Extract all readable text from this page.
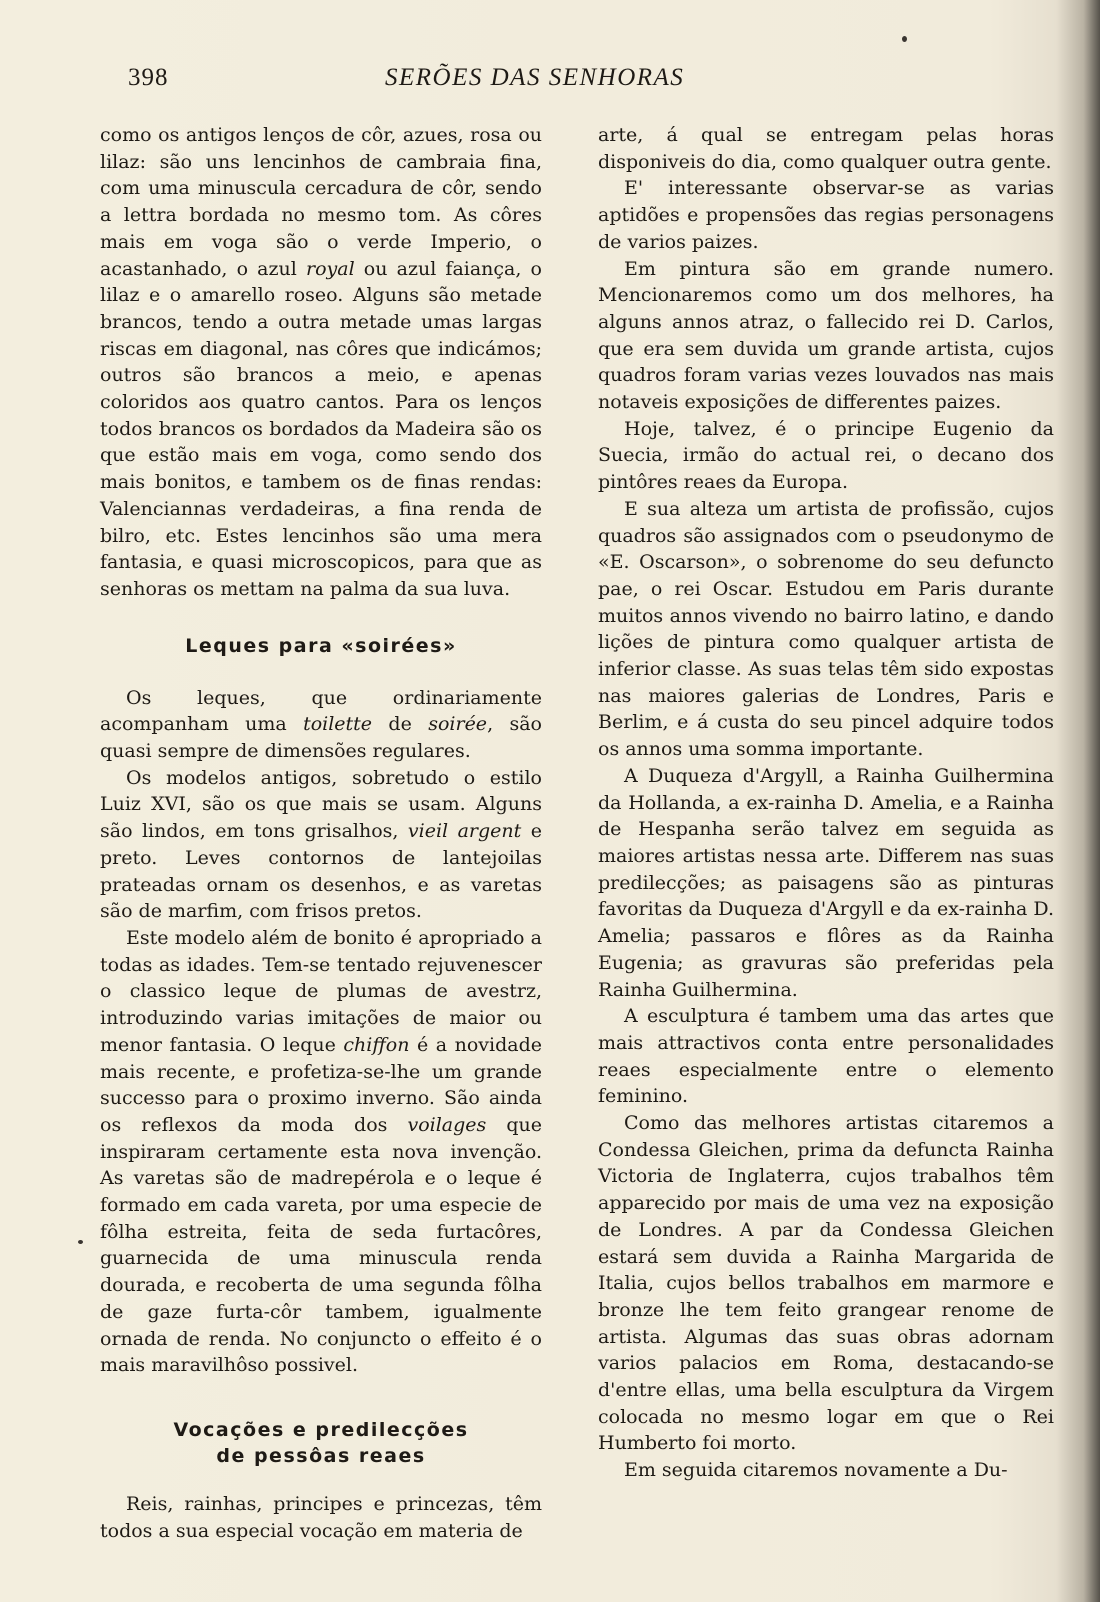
398	SERÕES DAS SENHORAS

como os antigos lenços de côr, azues, rosa ou lilaz: são uns lencinhos de cambraia fina, com uma minuscula cercadura de côr, sendo a lettra bordada no mesmo tom. As côres mais em voga são o verde Imperio, o acastanhado, o azul royal ou azul faiança, o lilaz e o amarello roseo. Alguns são metade brancos, tendo a outra metade umas largas riscas em diagonal, nas côres que indicámos; outros são brancos a meio, e apenas coloridos aos quatro cantos. Para os lenços todos brancos os bordados da Madeira são os que estão mais em voga, como sendo dos mais bonitos, e tambem os de finas rendas: Valenciannas verdadeiras, a fina renda de bilro, etc. Estes lencinhos são uma mera fantasia, e quasi microscopicos, para que as senhoras os mettam na palma da sua luva.

Leques para «soirées»

Os leques, que ordinariamente acompanham uma toilette de soirée, são quasi sempre de dimensões regulares.

Os modelos antigos, sobretudo o estilo Luiz XVI, são os que mais se usam. Alguns são lindos, em tons grisalhos, vieil argent e preto. Leves contornos de lantejoilas prateadas ornam os desenhos, e as varetas são de marfim, com frisos pretos.

Este modelo além de bonito é apropriado a todas as idades. Tem-se tentado rejuvenescer o classico leque de plumas de avestrz, introduzindo varias imitações de maior ou menor fantasia. O leque chiffon é a novidade mais recente, e profetiza-se-lhe um grande successo para o proximo inverno. São ainda os reflexos da moda dos voilages que inspiraram certamente esta nova invenção. As varetas são de madrepérola e o leque é formado em cada vareta, por uma especie de fôlha estreita, feita de seda furtacôres, guarnecida de uma minuscula renda dourada, e recoberta de uma segunda fôlha de gaze furta-côr tambem, igualmente ornada de renda. No conjuncto o effeito é o mais maravilhôso possivel.

Vocações e predilecções
de pessôas reaes

Reis, rainhas, principes e princezas, têm todos a sua especial vocação em materia de

arte, á qual se entregam pelas horas disponiveis do dia, como qualquer outra gente.

E' interessante observar-se as varias aptidões e propensões das regias personagens de varios paizes.

Em pintura são em grande numero. Mencionaremos como um dos melhores, ha alguns annos atraz, o fallecido rei D. Carlos, que era sem duvida um grande artista, cujos quadros foram varias vezes louvados nas mais notaveis exposições de differentes paizes.

Hoje, talvez, é o principe Eugenio da Suecia, irmão do actual rei, o decano dos pintôres reaes da Europa.

E sua alteza um artista de profissão, cujos quadros são assignados com o pseudonymo de «E. Oscarson», o sobrenome do seu defuncto pae, o rei Oscar. Estudou em Paris durante muitos annos vivendo no bairro latino, e dando lições de pintura como qualquer artista de inferior classe. As suas telas têm sido expostas nas maiores galerias de Londres, Paris e Berlim, e á custa do seu pincel adquire todos os annos uma somma importante.

A Duqueza d'Argyll, a Rainha Guilhermina da Hollanda, a ex-rainha D. Amelia, e a Rainha de Hespanha serão talvez em seguida as maiores artistas nessa arte. Differem nas suas predilecções; as paisagens são as pinturas favoritas da Duqueza d'Argyll e da ex-rainha D. Amelia; passaros e flôres as da Rainha Eugenia; as gravuras são preferidas pela Rainha Guilhermina.

A esculptura é tambem uma das artes que mais attractivos conta entre personalidades reaes especialmente entre o elemento feminino.

Como das melhores artistas citaremos a Condessa Gleichen, prima da defuncta Rainha Victoria de Inglaterra, cujos trabalhos têm apparecido por mais de uma vez na exposição de Londres. A par da Condessa Gleichen estará sem duvida a Rainha Margarida de Italia, cujos bellos trabalhos em marmore e bronze lhe tem feito grangear renome de artista. Algumas das suas obras adornam varios palacios em Roma, destacando-se d'entre ellas, uma bella esculptura da Virgem colocada no mesmo logar em que o Rei Humberto foi morto.

Em seguida citaremos novamente a Du-
